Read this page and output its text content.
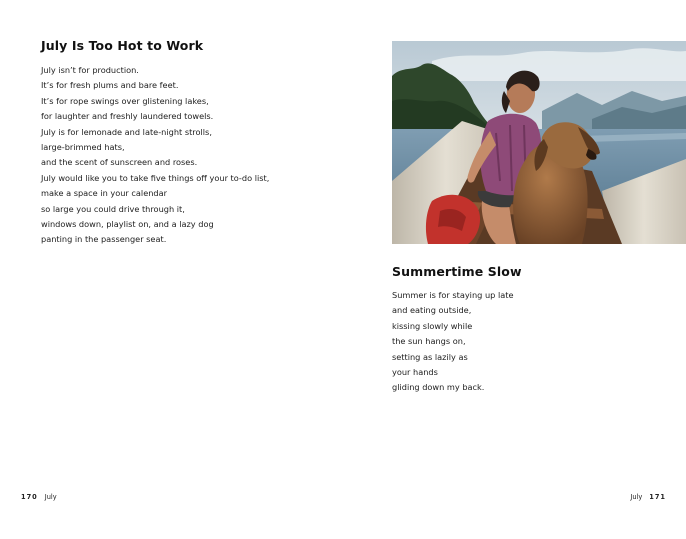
July Is Too Hot to Work
July isn’t for production.
It’s for fresh plums and bare feet.
It’s for rope swings over glistening lakes,
for laughter and freshly laundered towels.
July is for lemonade and late-night strolls,
large-brimmed hats,
and the scent of sunscreen and roses.
July would like you to take five things off your to-do list,
make a space in your calendar
so large you could drive through it,
windows down, playlist on, and a lazy dog
panting in the passenger seat.
170 July
Summertime Slow
Summer is for staying up late
and eating outside,
kissing slowly while
the sun hangs on,
setting as lazily as
your hands
gliding down my back.
July 171
